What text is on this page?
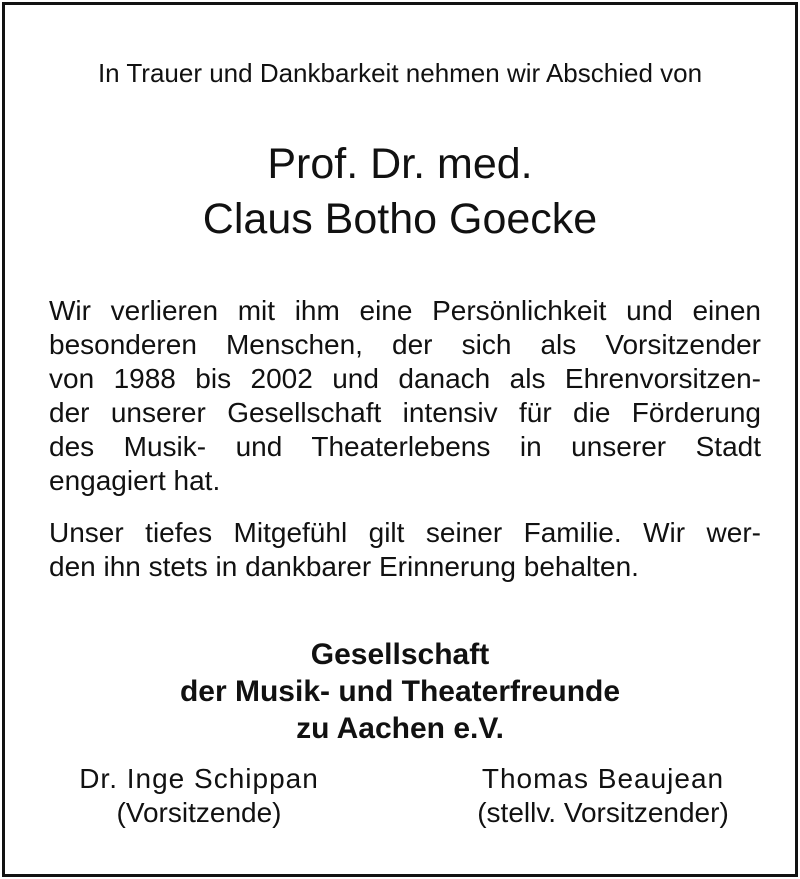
In Trauer und Dankbarkeit nehmen wir Abschied von
Prof. Dr. med.
Claus Botho Goecke
Wir verlieren mit ihm eine Persönlichkeit und einen
besonderen Menschen, der sich als Vorsitzender
von 1988 bis 2002 und danach als Ehrenvorsitzen-
der unserer Gesellschaft intensiv für die Förderung
des Musik- und Theaterlebens in unserer Stadt
engagiert hat.
Unser tiefes Mitgefühl gilt seiner Familie. Wir wer-
den ihn stets in dankbarer Erinnerung behalten.
Gesellschaft
der Musik- und Theaterfreunde
zu Aachen e.V.
Dr. Inge Schippan
(Vorsitzende)
Thomas Beaujean
(stellv. Vorsitzender)
